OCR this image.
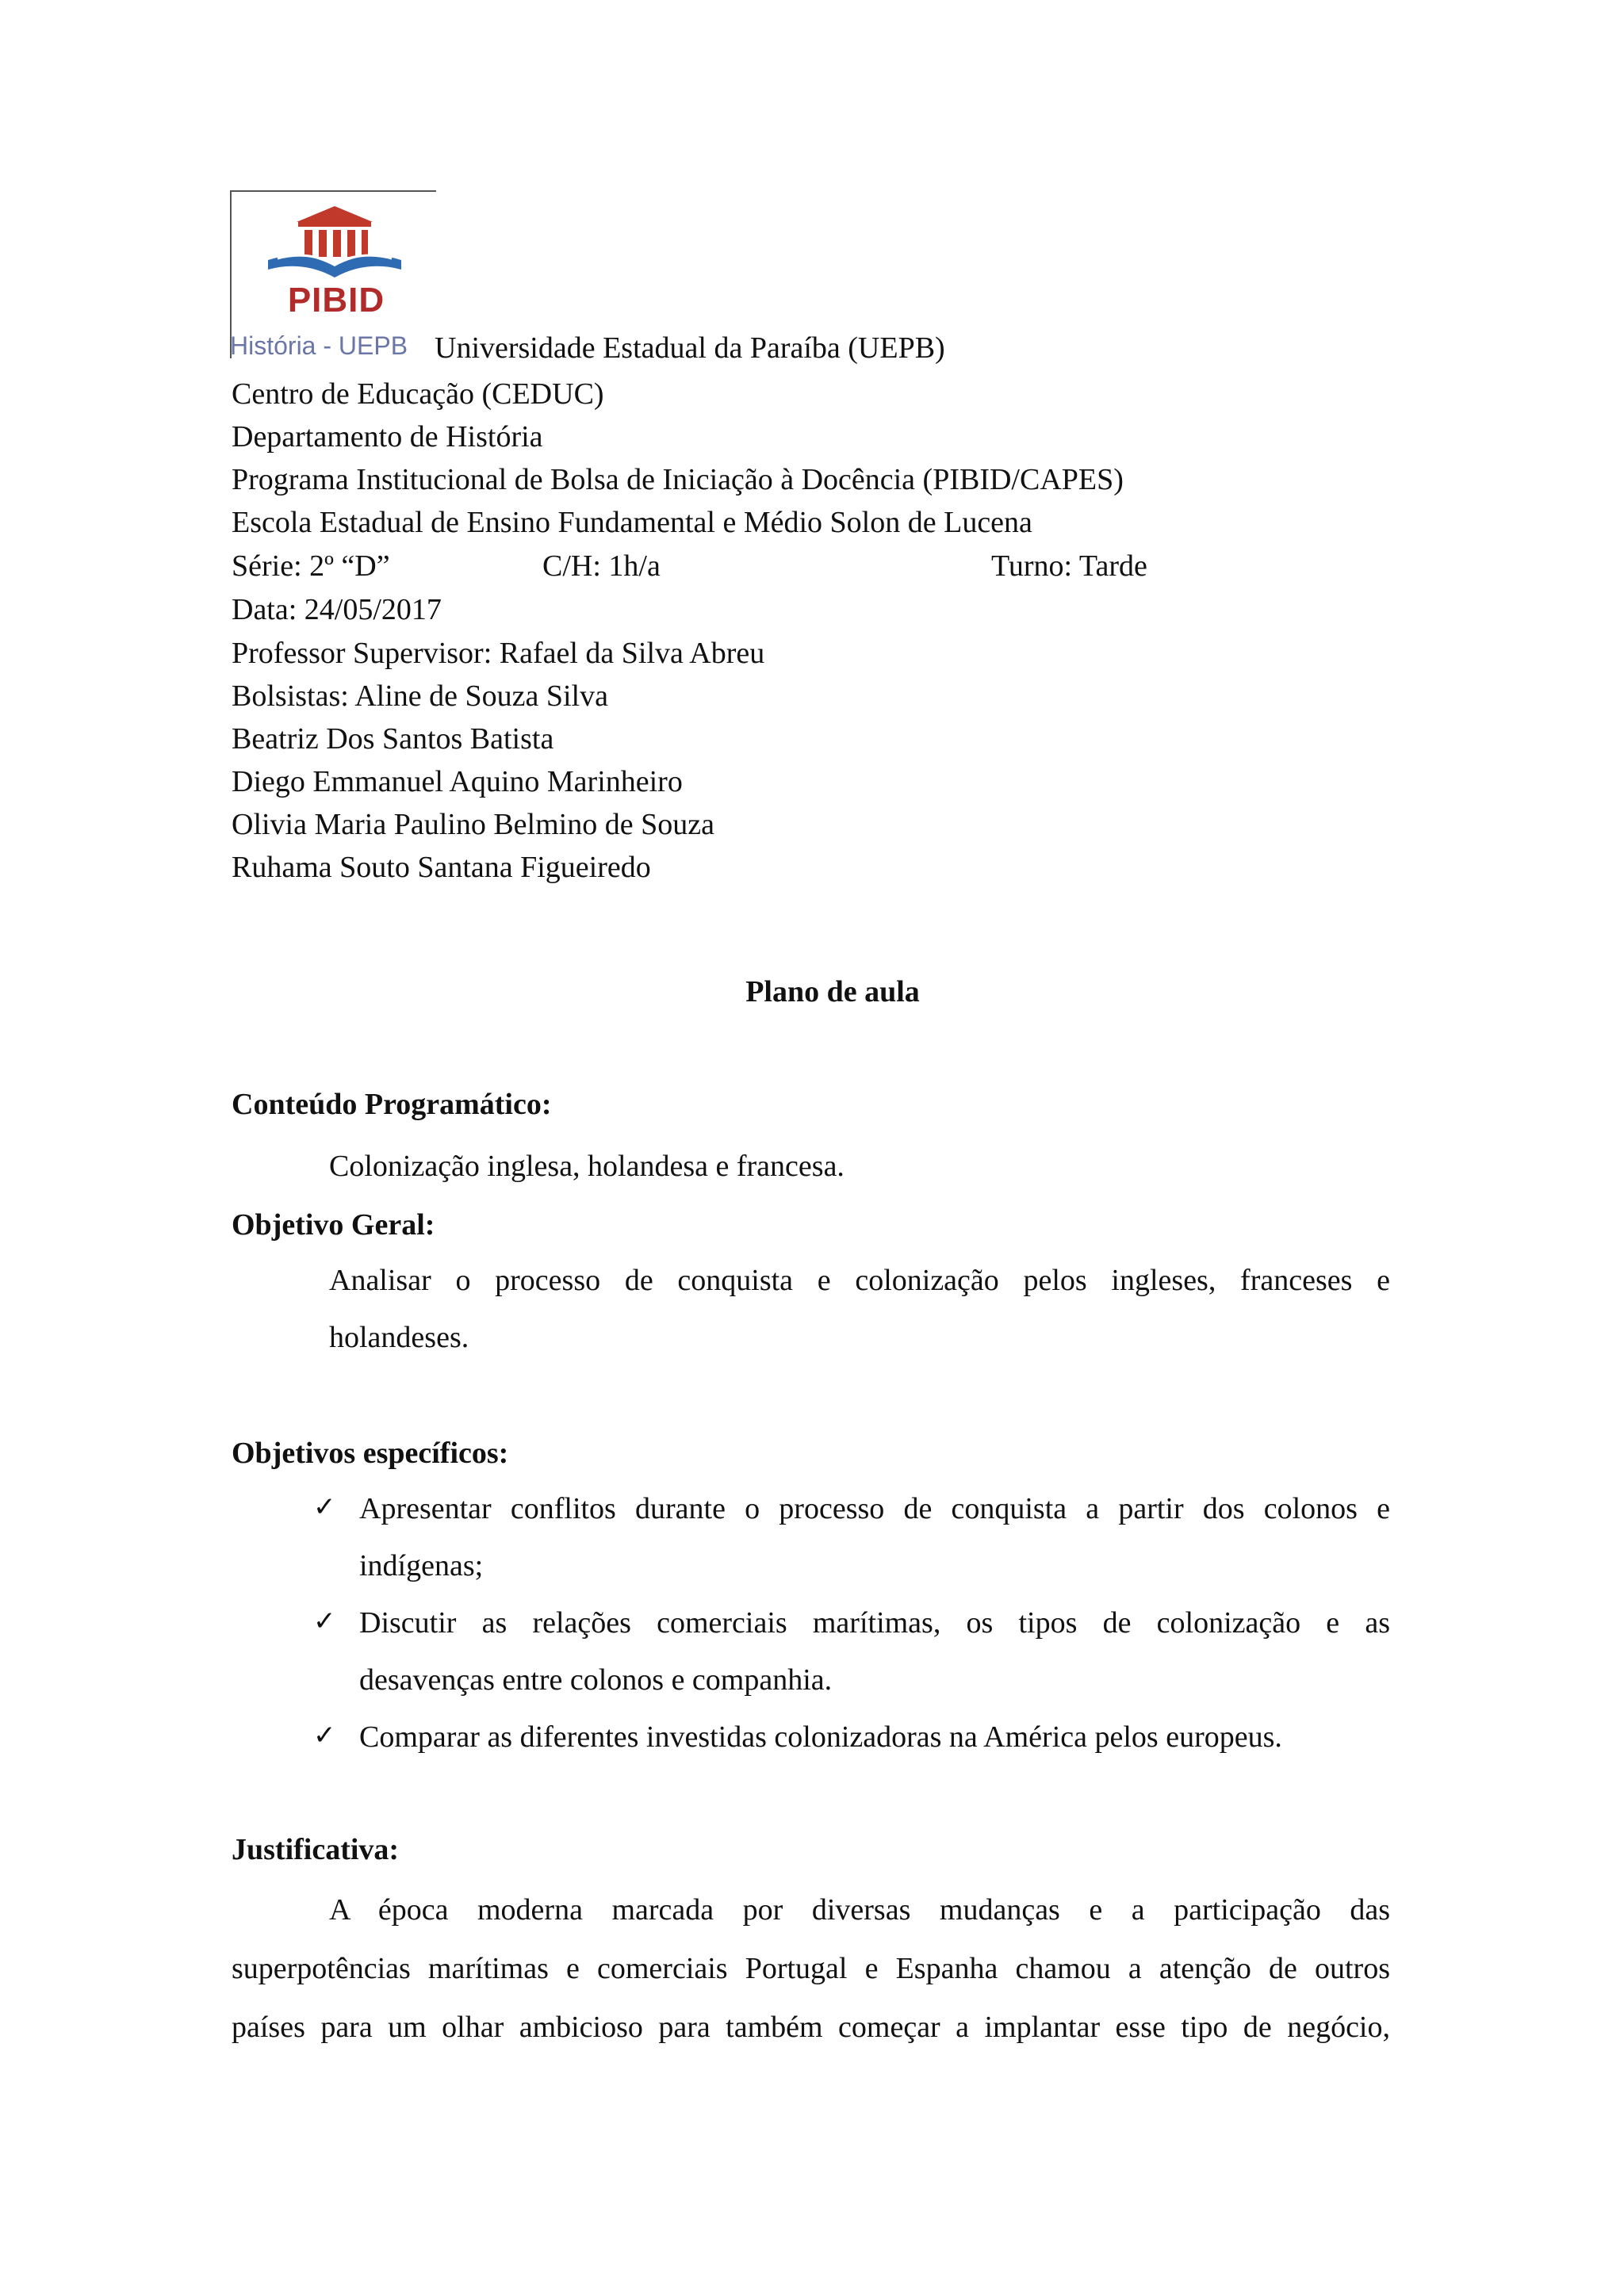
PIBID
História - UEPB Universidade Estadual da Paraíba (UEPB)
Centro de Educação (CEDUC)
Departamento de História
Programa Institucional de Bolsa de Iniciação à Docência (PIBID/CAPES)
Escola Estadual de Ensino Fundamental e Médio Solon de Lucena
Série: 2º “D”	C/H: 1h/a	Turno: Tarde
Data: 24/05/2017
Professor Supervisor: Rafael da Silva Abreu
Bolsistas: Aline de Souza Silva
Beatriz Dos Santos Batista
Diego Emmanuel Aquino Marinheiro
Olivia Maria Paulino Belmino de Souza
Ruhama Souto Santana Figueiredo
Plano de aula
Conteúdo Programático:
Colonização inglesa, holandesa e francesa.
Objetivo Geral:
Analisar o processo de conquista e colonização pelos ingleses, franceses e
holandeses.
Objetivos específicos:
✓ Apresentar conflitos durante o processo de conquista a partir dos colonos e
indígenas;
✓ Discutir as relações comerciais marítimas, os tipos de colonização e as
desavenças entre colonos e companhia.
✓ Comparar as diferentes investidas colonizadoras na América pelos europeus.
Justificativa:
A época moderna marcada por diversas mudanças e a participação das
superpotências marítimas e comerciais Portugal e Espanha chamou a atenção de outros
países para um olhar ambicioso para também começar a implantar esse tipo de negócio,
